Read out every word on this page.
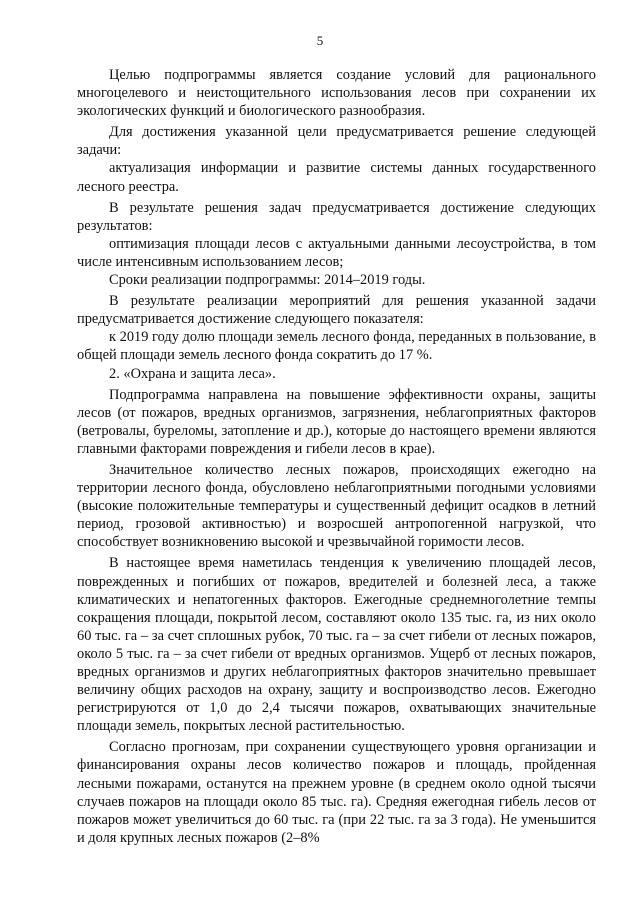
5

Целью подпрограммы является создание условий для рационального многоцелевого и неистощительного использования лесов при сохранении их экологических функций и биологического разнообразия.

Для достижения указанной цели предусматривается решение следующей задачи:

актуализация информации и развитие системы данных государственного лесного реестра.

В результате решения задач предусматривается достижение следующих результатов:

оптимизация площади лесов с актуальными данными лесоустройства, в том числе интенсивным использованием лесов;

Сроки реализации подпрограммы: 2014–2019 годы.

В результате реализации мероприятий для решения указанной задачи предусматривается достижение следующего показателя:

к 2019 году долю площади земель лесного фонда, переданных в пользование, в общей площади земель лесного фонда сократить до 17 %.

2. «Охрана и защита леса».

Подпрограмма направлена на повышение эффективности охраны, защиты лесов (от пожаров, вредных организмов, загрязнения, неблагоприятных факторов (ветровалы, буреломы, затопление и др.), которые до настоящего времени являются главными факторами повреждения и гибели лесов в крае).

Значительное количество лесных пожаров, происходящих ежегодно на территории лесного фонда, обусловлено неблагоприятными погодными условиями (высокие положительные температуры и существенный дефицит осадков в летний период, грозовой активностью) и возросшей антропогенной нагрузкой, что способствует возникновению высокой и чрезвычайной горимости лесов.

В настоящее время наметилась тенденция к увеличению площадей лесов, поврежденных и погибших от пожаров, вредителей и болезней леса, а также климатических и непатогенных факторов. Ежегодные среднемноголетние темпы сокращения площади, покрытой лесом, составляют около 135 тыс. га, из них около 60 тыс. га – за счет сплошных рубок, 70 тыс. га – за счет гибели от лесных пожаров, около 5 тыс. га – за счет гибели от вредных организмов. Ущерб от лесных пожаров, вредных организмов и других неблагоприятных факторов значительно превышает величину общих расходов на охрану, защиту и воспроизводство лесов. Ежегодно регистрируются от 1,0 до 2,4 тысячи пожаров, охватывающих значительные площади земель, покрытых лесной растительностью.

Согласно прогнозам, при сохранении существующего уровня организации и финансирования охраны лесов количество пожаров и площадь, пройденная лесными пожарами, останутся на прежнем уровне (в среднем около одной тысячи случаев пожаров на площади около 85 тыс. га). Средняя ежегодная гибель лесов от пожаров может увеличиться до 60 тыс. га (при 22 тыс. га за 3 года). Не уменьшится и доля крупных лесных пожаров (2–8%
